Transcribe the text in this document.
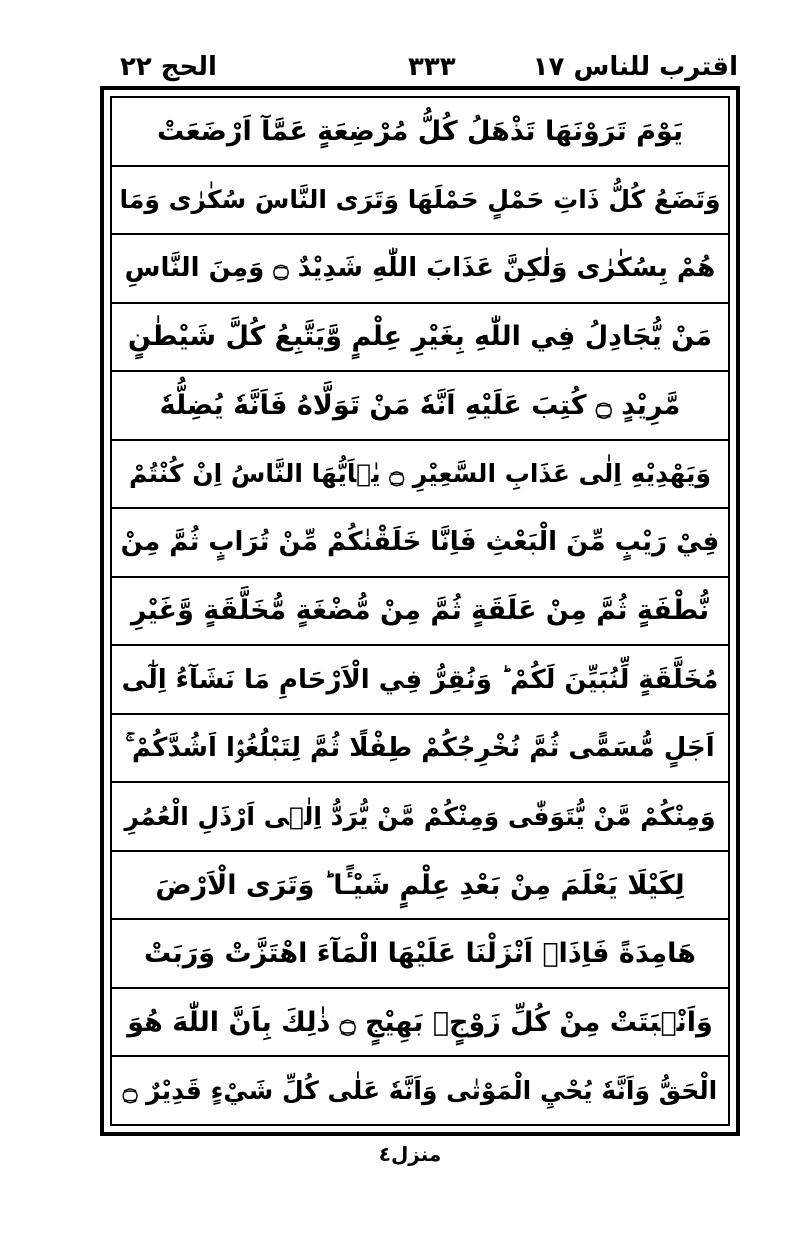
اقترب للناس ١٧
٣٣٣
الحج ٢٢
يَوْمَ تَرَوْنَهَا تَذْهَلُ كُلُّ مُرْضِعَةٍ عَمَّآ اَرْضَعَتْ
وَتَضَعُ كُلُّ ذَاتِ حَمْلٍ حَمْلَهَا وَتَرَى النَّاسَ سُكٰرٰى وَمَا
هُمْ بِسُكٰرٰى وَلٰكِنَّ عَذَابَ اللّٰهِ شَدِيْدٌ ۝ وَمِنَ النَّاسِ
مَنْ يُّجَادِلُ فِي اللّٰهِ بِغَيْرِ عِلْمٍ وَّيَتَّبِعُ كُلَّ شَيْطٰنٍ
مَّرِيْدٍ ۝ كُتِبَ عَلَيْهِ اَنَّهٗ مَنْ تَوَلَّاهُ فَاَنَّهٗ يُضِلُّهٗ
وَيَهْدِيْهِ اِلٰى عَذَابِ السَّعِيْرِ ۝ يٰۤاَيُّهَا النَّاسُ اِنْ كُنْتُمْ
فِيْ رَيْبٍ مِّنَ الْبَعْثِ فَاِنَّا خَلَقْنٰكُمْ مِّنْ تُرَابٍ ثُمَّ مِنْ
نُّطْفَةٍ ثُمَّ مِنْ عَلَقَةٍ ثُمَّ مِنْ مُّضْغَةٍ مُّخَلَّقَةٍ وَّغَيْرِ
مُخَلَّقَةٍ لِّنُبَيِّنَ لَكُمْ ؕ وَنُقِرُّ فِي الْاَرْحَامِ مَا نَشَآءُ اِلٰٓى
اَجَلٍ مُّسَمًّى ثُمَّ نُخْرِجُكُمْ طِفْلًا ثُمَّ لِتَبْلُغُوْۤا اَشُدَّكُمْ ۚ
وَمِنْكُمْ مَّنْ يُّتَوَفّٰى وَمِنْكُمْ مَّنْ يُّرَدُّ اِلٰۤى اَرْذَلِ الْعُمُرِ
لِكَيْلَا يَعْلَمَ مِنْ بَعْدِ عِلْمٍ شَيْـًٔا ؕ وَتَرَى الْاَرْضَ
هَامِدَةً فَاِذَاۤ اَنْزَلْنَا عَلَيْهَا الْمَآءَ اهْتَزَّتْ وَرَبَتْ
وَاَنْۢبَتَتْ مِنْ كُلِّ زَوْجٍۢ بَهِيْجٍ ۝ ذٰلِكَ بِاَنَّ اللّٰهَ هُوَ
الْحَقُّ وَاَنَّهٗ يُحْيِ الْمَوْتٰى وَاَنَّهٗ عَلٰى كُلِّ شَيْءٍ قَدِيْرٌ ۝
منزل٤
